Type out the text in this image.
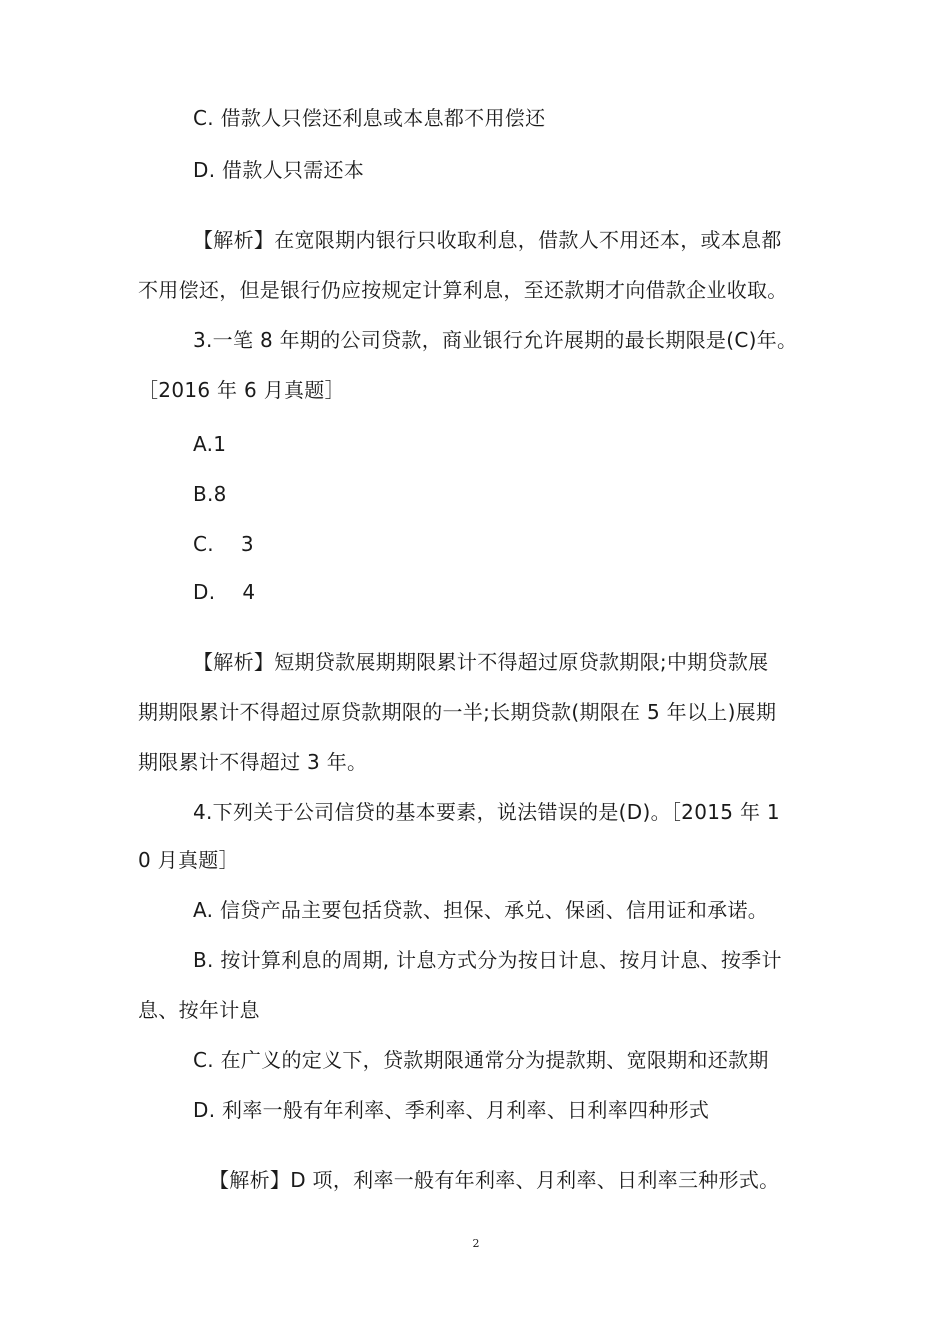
C. 借款人只偿还利息或本息都不用偿还
D. 借款人只需还本
【解析】在宽限期内银行只收取利息，借款人不用还本，或本息都
不用偿还，但是银行仍应按规定计算利息，至还款期才向借款企业收取。
3.一笔 8 年期的公司贷款，商业银行允许展期的最长期限是(C)年。
［2016 年 6 月真题］
A.1
B.8
C.　 3
D.　 4
【解析】短期贷款展期期限累计不得超过原贷款期限;中期贷款展
期期限累计不得超过原贷款期限的一半;长期贷款(期限在 5 年以上)展期
期限累计不得超过 3 年。
4.下列关于公司信贷的基本要素，说法错误的是(D)。［2015 年 1
0 月真题］
A. 信贷产品主要包括贷款、担保、承兑、保函、信用证和承诺。
B. 按计算利息的周期, 计息方式分为按日计息、按月计息、按季计
息、按年计息
C. 在广义的定义下，贷款期限通常分为提款期、宽限期和还款期
D. 利率一般有年利率、季利率、月利率、日利率四种形式
【解析】D 项，利率一般有年利率、月利率、日利率三种形式。
2
